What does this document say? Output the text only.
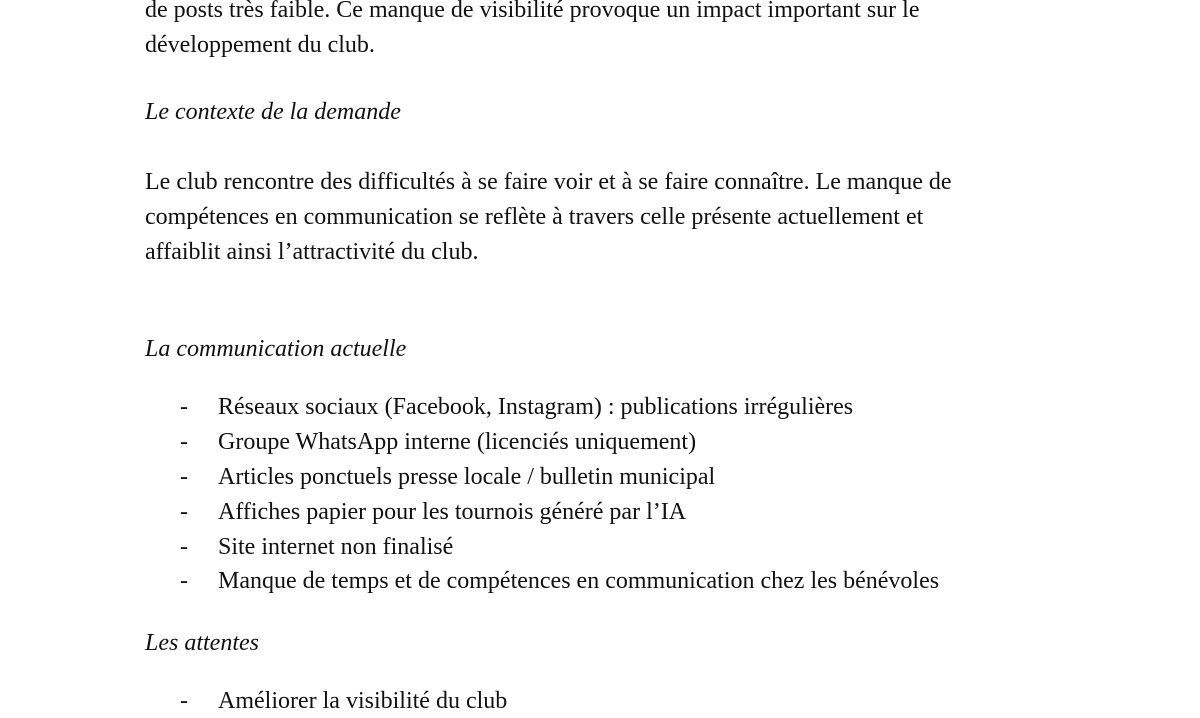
de posts très faible. Ce manque de visibilité provoque un impact important sur le
développement du club.
Le contexte de la demande
Le club rencontre des difficultés à se faire voir et à se faire connaître. Le manque de
compétences en communication se reflète à travers celle présente actuellement et
affaiblit ainsi l’attractivité du club.
La communication actuelle
- Réseaux sociaux (Facebook, Instagram) : publications irrégulières
- Groupe WhatsApp interne (licenciés uniquement)
- Articles ponctuels presse locale / bulletin municipal
- Affiches papier pour les tournois généré par l’IA
- Site internet non finalisé
- Manque de temps et de compétences en communication chez les bénévoles
Les attentes
- Améliorer la visibilité du club
